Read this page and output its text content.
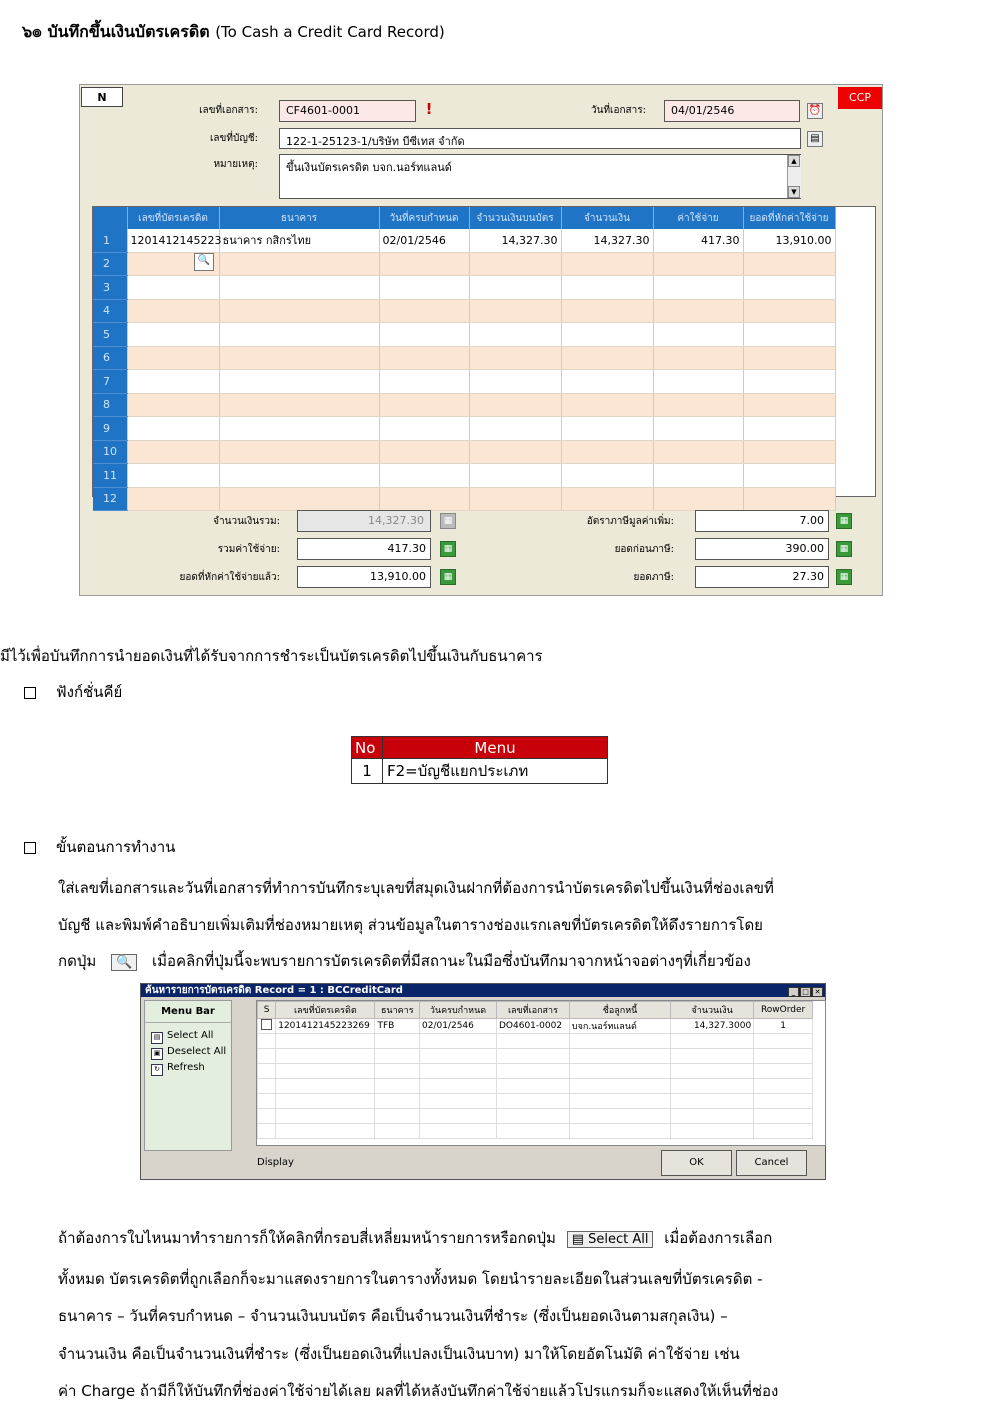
๖๏ บันทึกขึ้นเงินบัตรเครดิต (To Cash a Credit Card Record)
N	CCP
เลขที่เอกสาร:	CF4601-0001	!	วันที่เอกสาร:	04/01/2546	⏰
เลขที่บัญชี:	122-1-25123-1/บริษัท บีซีเทส จำกัด	▤
หมายเหตุ:	ขึ้นเงินบัตรเครดิต บจก.นอร์ทแลนด์	▲
▼
	เลขที่บัตรเครดิต	ธนาคาร	วันที่ครบกำหนด	จำนวนเงินบนบัตร	จำนวนเงิน	ค่าใช้จ่าย	ยอดที่หักค่าใช้จ่าย
1	1201412145223	ธนาคาร กสิกรไทย	02/01/2546	14,327.30	14,327.30	417.30	13,910.00
2							
3							
4							
5							
6							
7							
8							
9							
10							
11							
12							
🔍
จำนวนเงินรวม:	14,327.30	▦
รวมค่าใช้จ่าย:	417.30	▦
ยอดที่หักค่าใช้จ่ายแล้ว:	13,910.00	▦
อัตราภาษีมูลค่าเพิ่ม:	7.00	▦
ยอดก่อนภาษี:	390.00	▦
ยอดภาษี:	27.30	▦
มีไว้เพื่อบันทึกการนำยอดเงินที่ได้รับจากการชำระเป็นบัตรเครดิตไปขึ้นเงินกับธนาคาร
ฟังก์ชั่นคีย์
No	Menu
1	F2=บัญชีแยกประเภท
ขั้นตอนการทำงาน
ใส่เลขที่เอกสารและวันที่เอกสารที่ทำการบันทึกระบุเลขที่สมุดเงินฝากที่ต้องการนำบัตรเครดิตไปขึ้นเงินที่ช่องเลขที่
บัญชี และพิมพ์คำอธิบายเพิ่มเติมที่ช่องหมายเหตุ ส่วนข้อมูลในตารางช่องแรกเลขที่บัตรเครดิตให้ดึงรายการโดย
กดปุ่ม 🔍 เมื่อคลิกที่ปุ่มนี้จะพบรายการบัตรเครดิตที่มีสถานะในมือซึ่งบันทึกมาจากหน้าจอต่างๆที่เกี่ยวข้อง
ค้นหารายการบัตรเครดิต Record = 1 : BCCreditCard	_ □ ✕
Menu Bar
▤ Select All
▣ Deselect All
↻ Refresh
S	เลขที่บัตรเครดิต	ธนาคาร	วันครบกำหนด	เลขที่เอกสาร	ชื่อลูกหนี้	จำนวนเงิน	RowOrder
	1201412145223269	TFB	02/01/2546	DO4601-0002	บจก.นอร์ทแลนด์	14,327.3000	1

Display	OK	Cancel
ถ้าต้องการใบไหนมาทำรายการก็ให้คลิกที่กรอบสี่เหลี่ยมหน้ารายการหรือกดปุ่ม ▤ Select All เมื่อต้องการเลือก
ทั้งหมด บัตรเครดิตที่ถูกเลือกก็จะมาแสดงรายการในตารางทั้งหมด โดยนำรายละเอียดในส่วนเลขที่บัตรเครดิต -
ธนาคาร – วันที่ครบกำหนด – จำนวนเงินบนบัตร คือเป็นจำนวนเงินที่ชำระ (ซึ่งเป็นยอดเงินตามสกุลเงิน) –
จำนวนเงิน คือเป็นจำนวนเงินที่ชำระ (ซึ่งเป็นยอดเงินที่แปลงเป็นเงินบาท) มาให้โดยอัตโนมัติ ค่าใช้จ่าย เช่น
ค่า Charge ถ้ามีก็ให้บันทึกที่ช่องค่าใช้จ่ายได้เลย ผลที่ได้หลังบันทึกค่าใช้จ่ายแล้วโปรแกรมก็จะแสดงให้เห็นที่ช่อง
